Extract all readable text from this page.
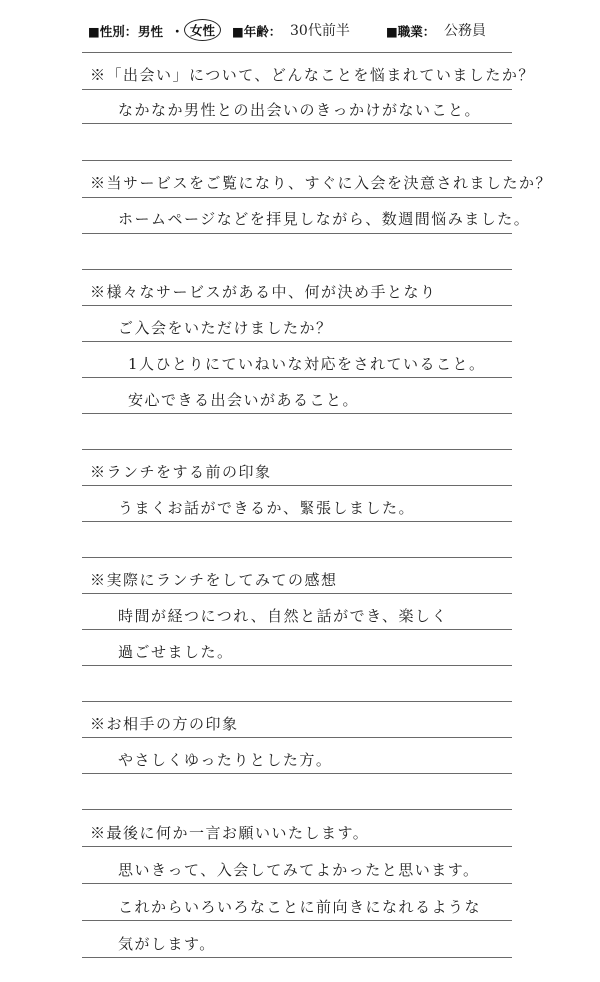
■性別： 男性 ・ 女性	■年齢： 30代前半	■職業： 公務員
※「出会い」について、どんなことを悩まれていましたか？
なかなか男性との出会いのきっかけがないこと。
※当サービスをご覧になり、すぐに入会を決意されましたか？
ホームページなどを拝見しながら、数週間悩みました。
※様々なサービスがある中、何が決め手となり
ご入会をいただけましたか？
1人ひとりにていねいな対応をされていること。
安心できる出会いがあること。
※ランチをする前の印象
うまくお話ができるか、緊張しました。
※実際にランチをしてみての感想
時間が経つにつれ、自然と話ができ、楽しく
過ごせました。
※お相手の方の印象
やさしくゆったりとした方。
※最後に何か一言お願いいたします。
思いきって、入会してみてよかったと思います。
これからいろいろなことに前向きになれるような
気がします。
